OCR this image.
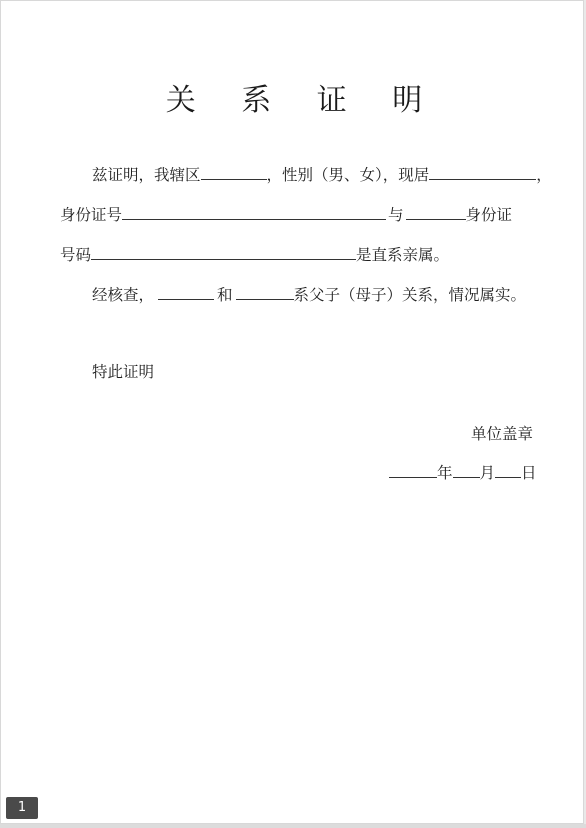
关 系 证 明
兹证明，我辖区	，性别（男、女），现居	，
身份证号	与	身份证
号码	是直系亲属。
经核查，	和	系父子（母子）关系，情况属实。
特此证明
单位盖章
年 月 日
1
